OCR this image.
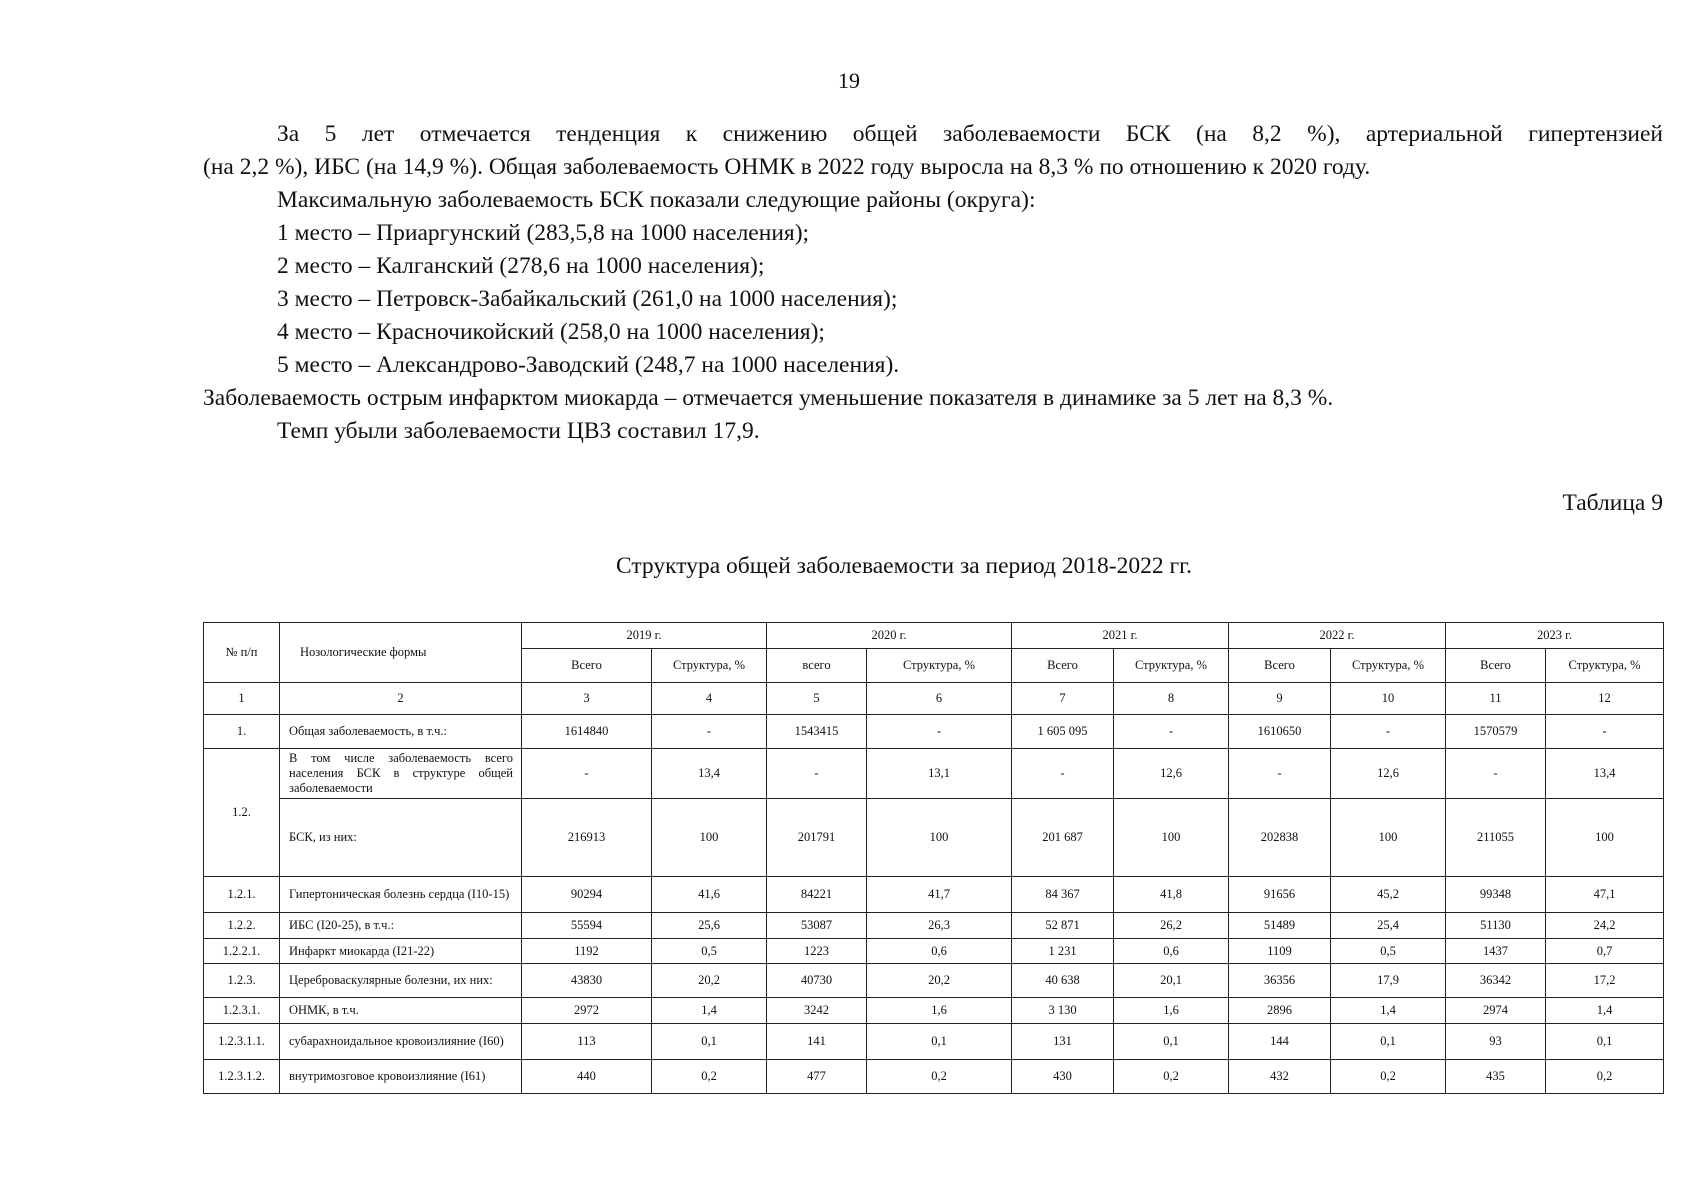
19

За 5 лет отмечается тенденция к снижению общей заболеваемости БСК (на 8,2 %), артериальной гипертензией

(на 2,2 %), ИБС (на 14,9 %). Общая заболеваемость ОНМК в 2022 году выросла на 8,3 % по отношению к 2020 году.

Максимальную заболеваемость БСК показали следующие районы (округа):

1 место – Приаргунский (283,5,8 на 1000 населения);

2 место – Калганский (278,6 на 1000 населения);

3 место – Петровск-Забайкальский (261,0 на 1000 населения);

4 место – Красночикойский (258,0 на 1000 населения);

5 место – Александрово-Заводский (248,7 на 1000 населения).

Заболеваемость острым инфарктом миокарда – отмечается уменьшение показателя в динамике за 5 лет на 8,3 %.

Темп убыли заболеваемости ЦВЗ составил 17,9.

Таблица 9
Структура общей заболеваемости за период 2018-2022 гг.
№ п/п	Нозологические формы	2019 г.		2020 г.		2021 г.		2022 г.		2023 г.	
		Всего	Структура, %	всего	Структура, %	Всего	Структура, %	Всего	Структура, %	Всего	Структура, %
1	2	3	4	5	6	7	8	9	10	11	12
1.	Общая заболеваемость, в т.ч.:	1614840	-	1543415	-	1 605 095	-	1610650	-	1570579	-
1.2.	В том числе заболеваемость всего населения БСК в структуре общей заболеваемости	-	13,4	-	13,1	-	12,6	-	12,6	-	13,4
	БСК, из них:	216913	100	201791	100	201 687	100	202838	100	211055	100
1.2.1.	Гипертоническая болезнь сердца (I10-15)	90294	41,6	84221	41,7	84 367	41,8	91656	45,2	99348	47,1
1.2.2.	ИБС (I20-25), в т.ч.:	55594	25,6	53087	26,3	52 871	26,2	51489	25,4	51130	24,2
1.2.2.1.	Инфаркт миокарда (I21-22)	1192	0,5	1223	0,6	1 231	0,6	1109	0,5	1437	0,7
1.2.3.	Цереброваскулярные болезни, их них:	43830	20,2	40730	20,2	40 638	20,1	36356	17,9	36342	17,2
1.2.3.1.	ОНМК, в т.ч.	2972	1,4	3242	1,6	3 130	1,6	2896	1,4	2974	1,4
1.2.3.1.1.	субарахноидальное кровоизлияние (I60)	113	0,1	141	0,1	131	0,1	144	0,1	93	0,1
1.2.3.1.2.	внутримозговое кровоизлияние (I61)	440	0,2	477	0,2	430	0,2	432	0,2	435	0,2
